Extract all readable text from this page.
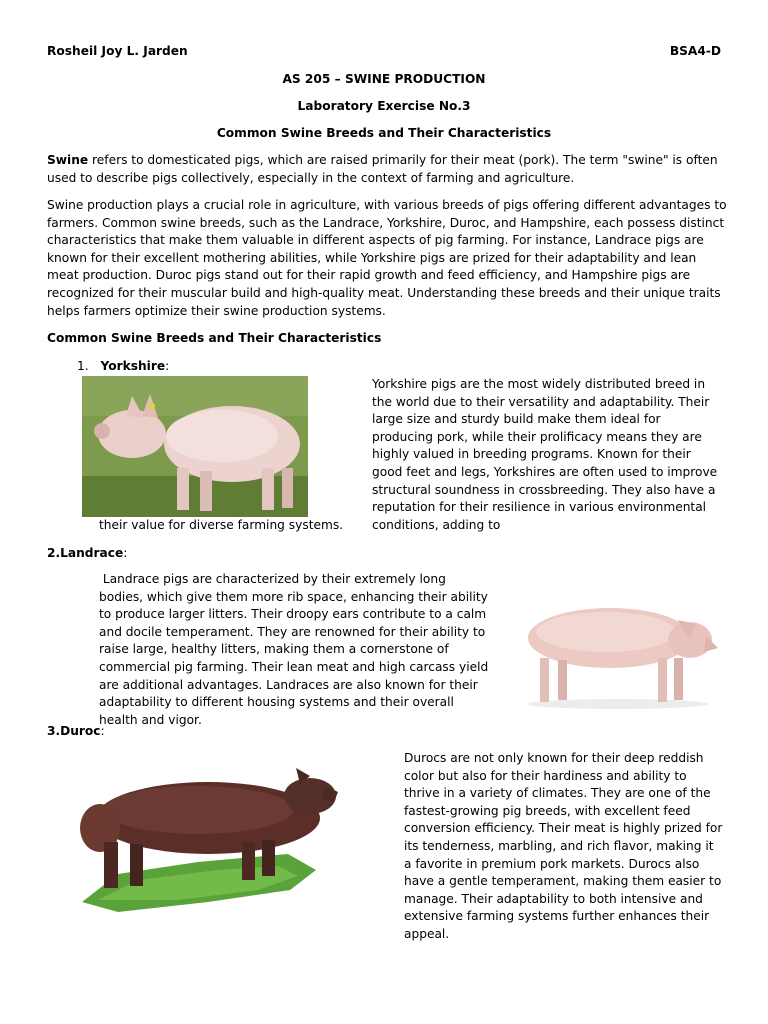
Rosheil Joy L. Jarden	BSA4-D
AS 205 – SWINE PRODUCTION
Laboratory Exercise No.3
Common Swine Breeds and Their Characteristics

Swine refers to domesticated pigs, which are raised primarily for their meat (pork). The term "swine" is often used to describe pigs collectively, especially in the context of farming and agriculture.

Swine production plays a crucial role in agriculture, with various breeds of pigs offering different advantages to farmers. Common swine breeds, such as the Landrace, Yorkshire, Duroc, and Hampshire, each possess distinct characteristics that make them valuable in different aspects of pig farming. For instance, Landrace pigs are known for their excellent mothering abilities, while Yorkshire pigs are prized for their adaptability and lean meat production. Duroc pigs stand out for their rapid growth and feed efficiency, and Hampshire pigs are recognized for their muscular build and high-quality meat. Understanding these breeds and their unique traits helps farmers optimize their swine production systems.

Common Swine Breeds and Their Characteristics
1. Yorkshire:

Yorkshire pigs are the most widely distributed breed in the world due to their versatility and adaptability. Their large size and sturdy build make them ideal for producing pork, while their prolificacy means they are highly valued in breeding programs. Known for their good feet and legs, Yorkshires are often used to improve structural soundness in crossbreeding. They also have a reputation for their resilience in various environmental conditions, adding to

their value for diverse farming systems.

2.Landrace:

Landrace pigs are characterized by their extremely long bodies, which give them more rib space, enhancing their ability to produce larger litters. Their droopy ears contribute to a calm and docile temperament. They are renowned for their ability to raise large, healthy litters, making them a cornerstone of commercial pig farming. Their lean meat and high carcass yield are additional advantages. Landraces are also known for their adaptability to different housing systems and their overall health and vigor.

3.Duroc:

Durocs are not only known for their deep reddish color but also for their hardiness and ability to thrive in a variety of climates. They are one of the fastest-growing pig breeds, with excellent feed conversion efficiency. Their meat is highly prized for its tenderness, marbling, and rich flavor, making it a favorite in premium pork markets. Durocs also have a gentle temperament, making them easier to manage. Their adaptability to both intensive and extensive farming systems further enhances their appeal.
